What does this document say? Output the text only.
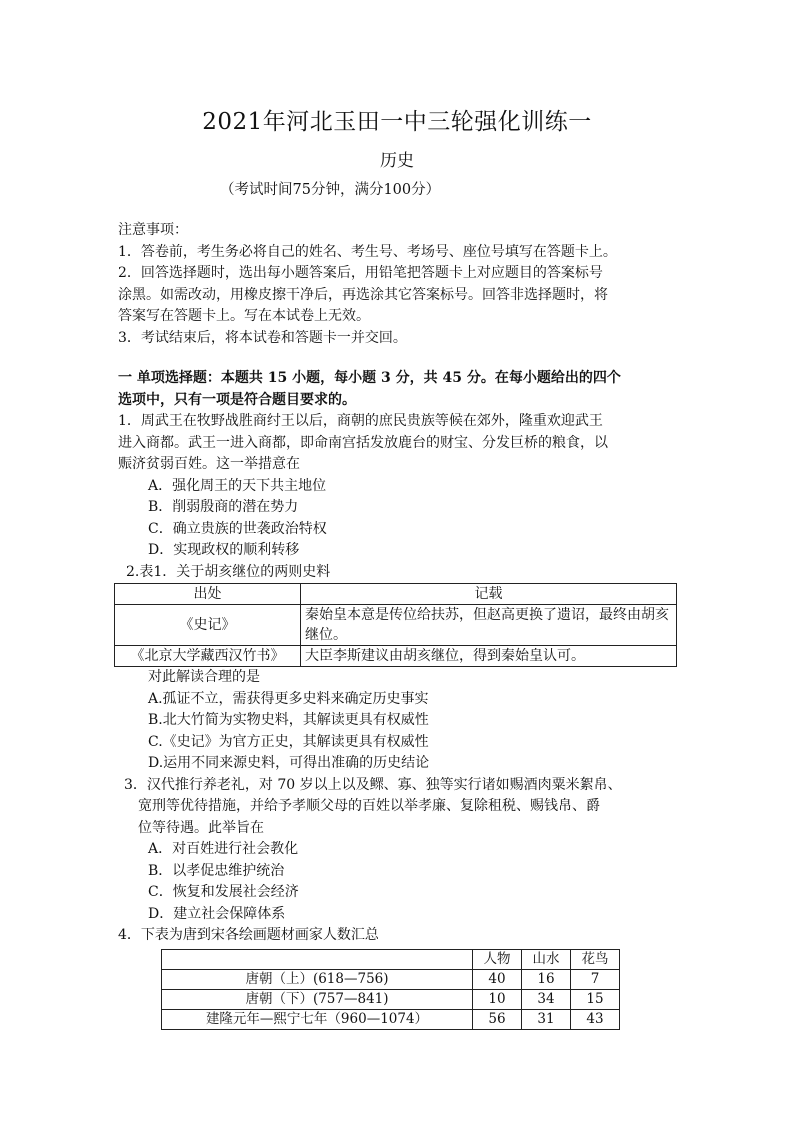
2021年河北玉田一中三轮强化训练一
历史
（考试时间75分钟，满分100分）

注意事项：

1．答卷前，考生务必将自己的姓名、考生号、考场号、座位号填写在答题卡上。

2．回答选择题时，选出每小题答案后，用铅笔把答题卡上对应题目的答案标号

涂黑。如需改动，用橡皮擦干净后，再选涂其它答案标号。回答非选择题时，将

答案写在答题卡上。写在本试卷上无效。

3．考试结束后，将本试卷和答题卡一并交回。

一 单项选择题：本题共 15 小题，每小题 3 分，共 45 分。在每小题给出的四个

选项中，只有一项是符合题目要求的。

1．周武王在牧野战胜商纣王以后，商朝的庶民贵族等候在郊外，隆重欢迎武王

进入商都。武王一进入商都，即命南宫括发放鹿台的财宝、分发巨桥的粮食，以

赈济贫弱百姓。这一举措意在

A．强化周王的天下共主地位

B．削弱殷商的潜在势力

C．确立贵族的世袭政治特权

D．实现政权的顺利转移

2.表1．关于胡亥继位的两则史料

出处	记载
《史记》	秦始皇本意是传位给扶苏，但赵高更换了遗诏，最终由胡亥继位。
《北京大学藏西汉竹书》	大臣李斯建议由胡亥继位，得到秦始皇认可。

对此解读合理的是

A.孤证不立，需获得更多史料来确定历史事实

B.北大竹简为实物史料，其解读更具有权威性

C.《史记》为官方正史，其解读更具有权威性

D.运用不同来源史料，可得出准确的历史结论

3．汉代推行养老礼，对 70 岁以上以及鳏、寡、独等实行诸如赐酒肉粟米絮帛、

宽刑等优待措施，并给予孝顺父母的百姓以举孝廉、复除租税、赐钱帛、爵

位等待遇。此举旨在

A．对百姓进行社会教化

B．以孝促忠维护统治

C．恢复和发展社会经济

D．建立社会保障体系

4．下表为唐到宋各绘画题材画家人数汇总

	人物	山水	花鸟
唐朝（上）(618—756)	40	16	7
唐朝（下）(757—841)	10	34	15
建隆元年—熙宁七年（960—1074）	56	31	43
